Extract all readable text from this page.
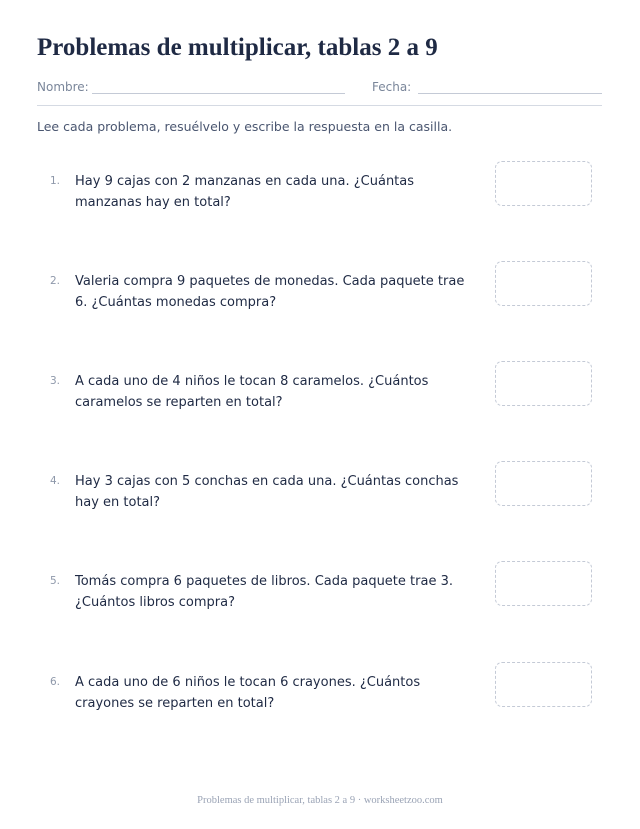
Problemas de multiplicar, tablas 2 a 9
Nombre:	Fecha:

Lee cada problema, resuélvelo y escribe la respuesta en la casilla.

1. Hay 9 cajas con 2 manzanas en cada una. ¿Cuántas manzanas hay en total?

2. Valeria compra 9 paquetes de monedas. Cada paquete trae 6. ¿Cuántas monedas compra?

3. A cada uno de 4 niños le tocan 8 caramelos. ¿Cuántos caramelos se reparten en total?

4. Hay 3 cajas con 5 conchas en cada una. ¿Cuántas conchas hay en total?

5. Tomás compra 6 paquetes de libros. Cada paquete trae 3. ¿Cuántos libros compra?

6. A cada uno de 6 niños le tocan 6 crayones. ¿Cuántos crayones se reparten en total?

Problemas de multiplicar, tablas 2 a 9 · worksheetzoo.com
